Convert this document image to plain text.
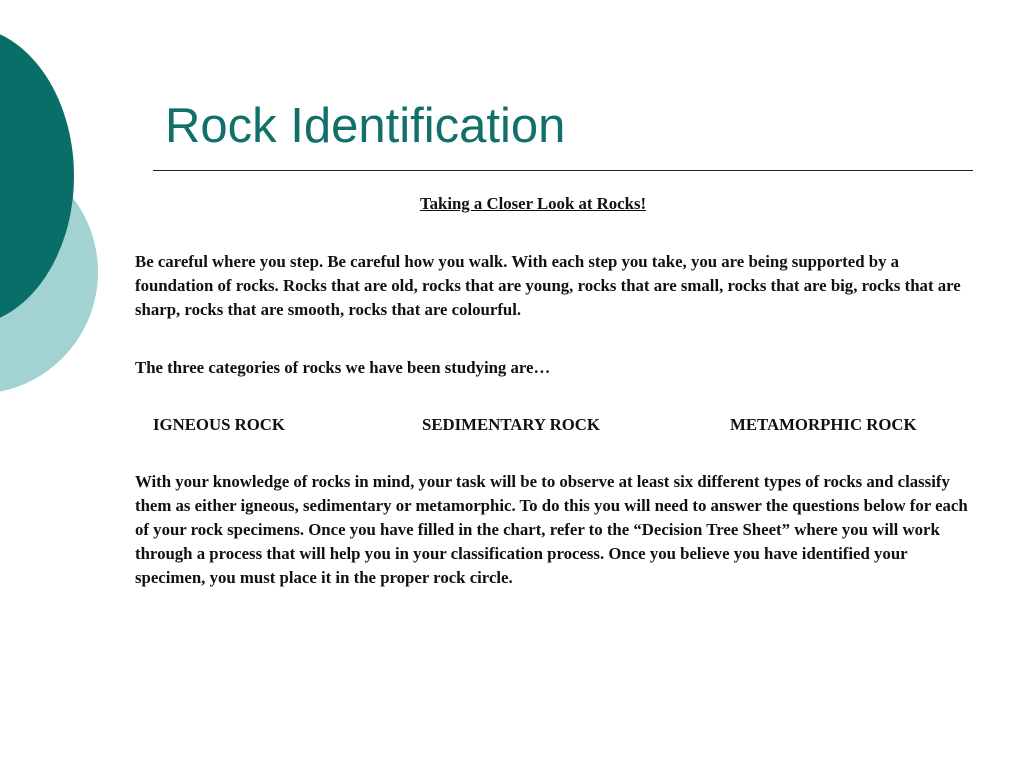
Rock Identification

Taking a Closer Look at Rocks!

Be careful where you step. Be careful how you walk. With each step you take, you are being supported by a foundation of rocks. Rocks that are old, rocks that are young, rocks that are small, rocks that are big, rocks that are sharp, rocks that are smooth, rocks that are colourful.

The three categories of rocks we have been studying are…

IGNEOUS ROCK	SEDIMENTARY ROCK	METAMORPHIC ROCK

With your knowledge of rocks in mind, your task will be to observe at least six different types of rocks and classify them as either igneous, sedimentary or metamorphic. To do this you will need to answer the questions below for each of your rock specimens. Once you have filled in the chart, refer to the “Decision Tree Sheet” where you will work through a process that will help you in your classification process. Once you believe you have identified your specimen, you must place it in the proper rock circle.
